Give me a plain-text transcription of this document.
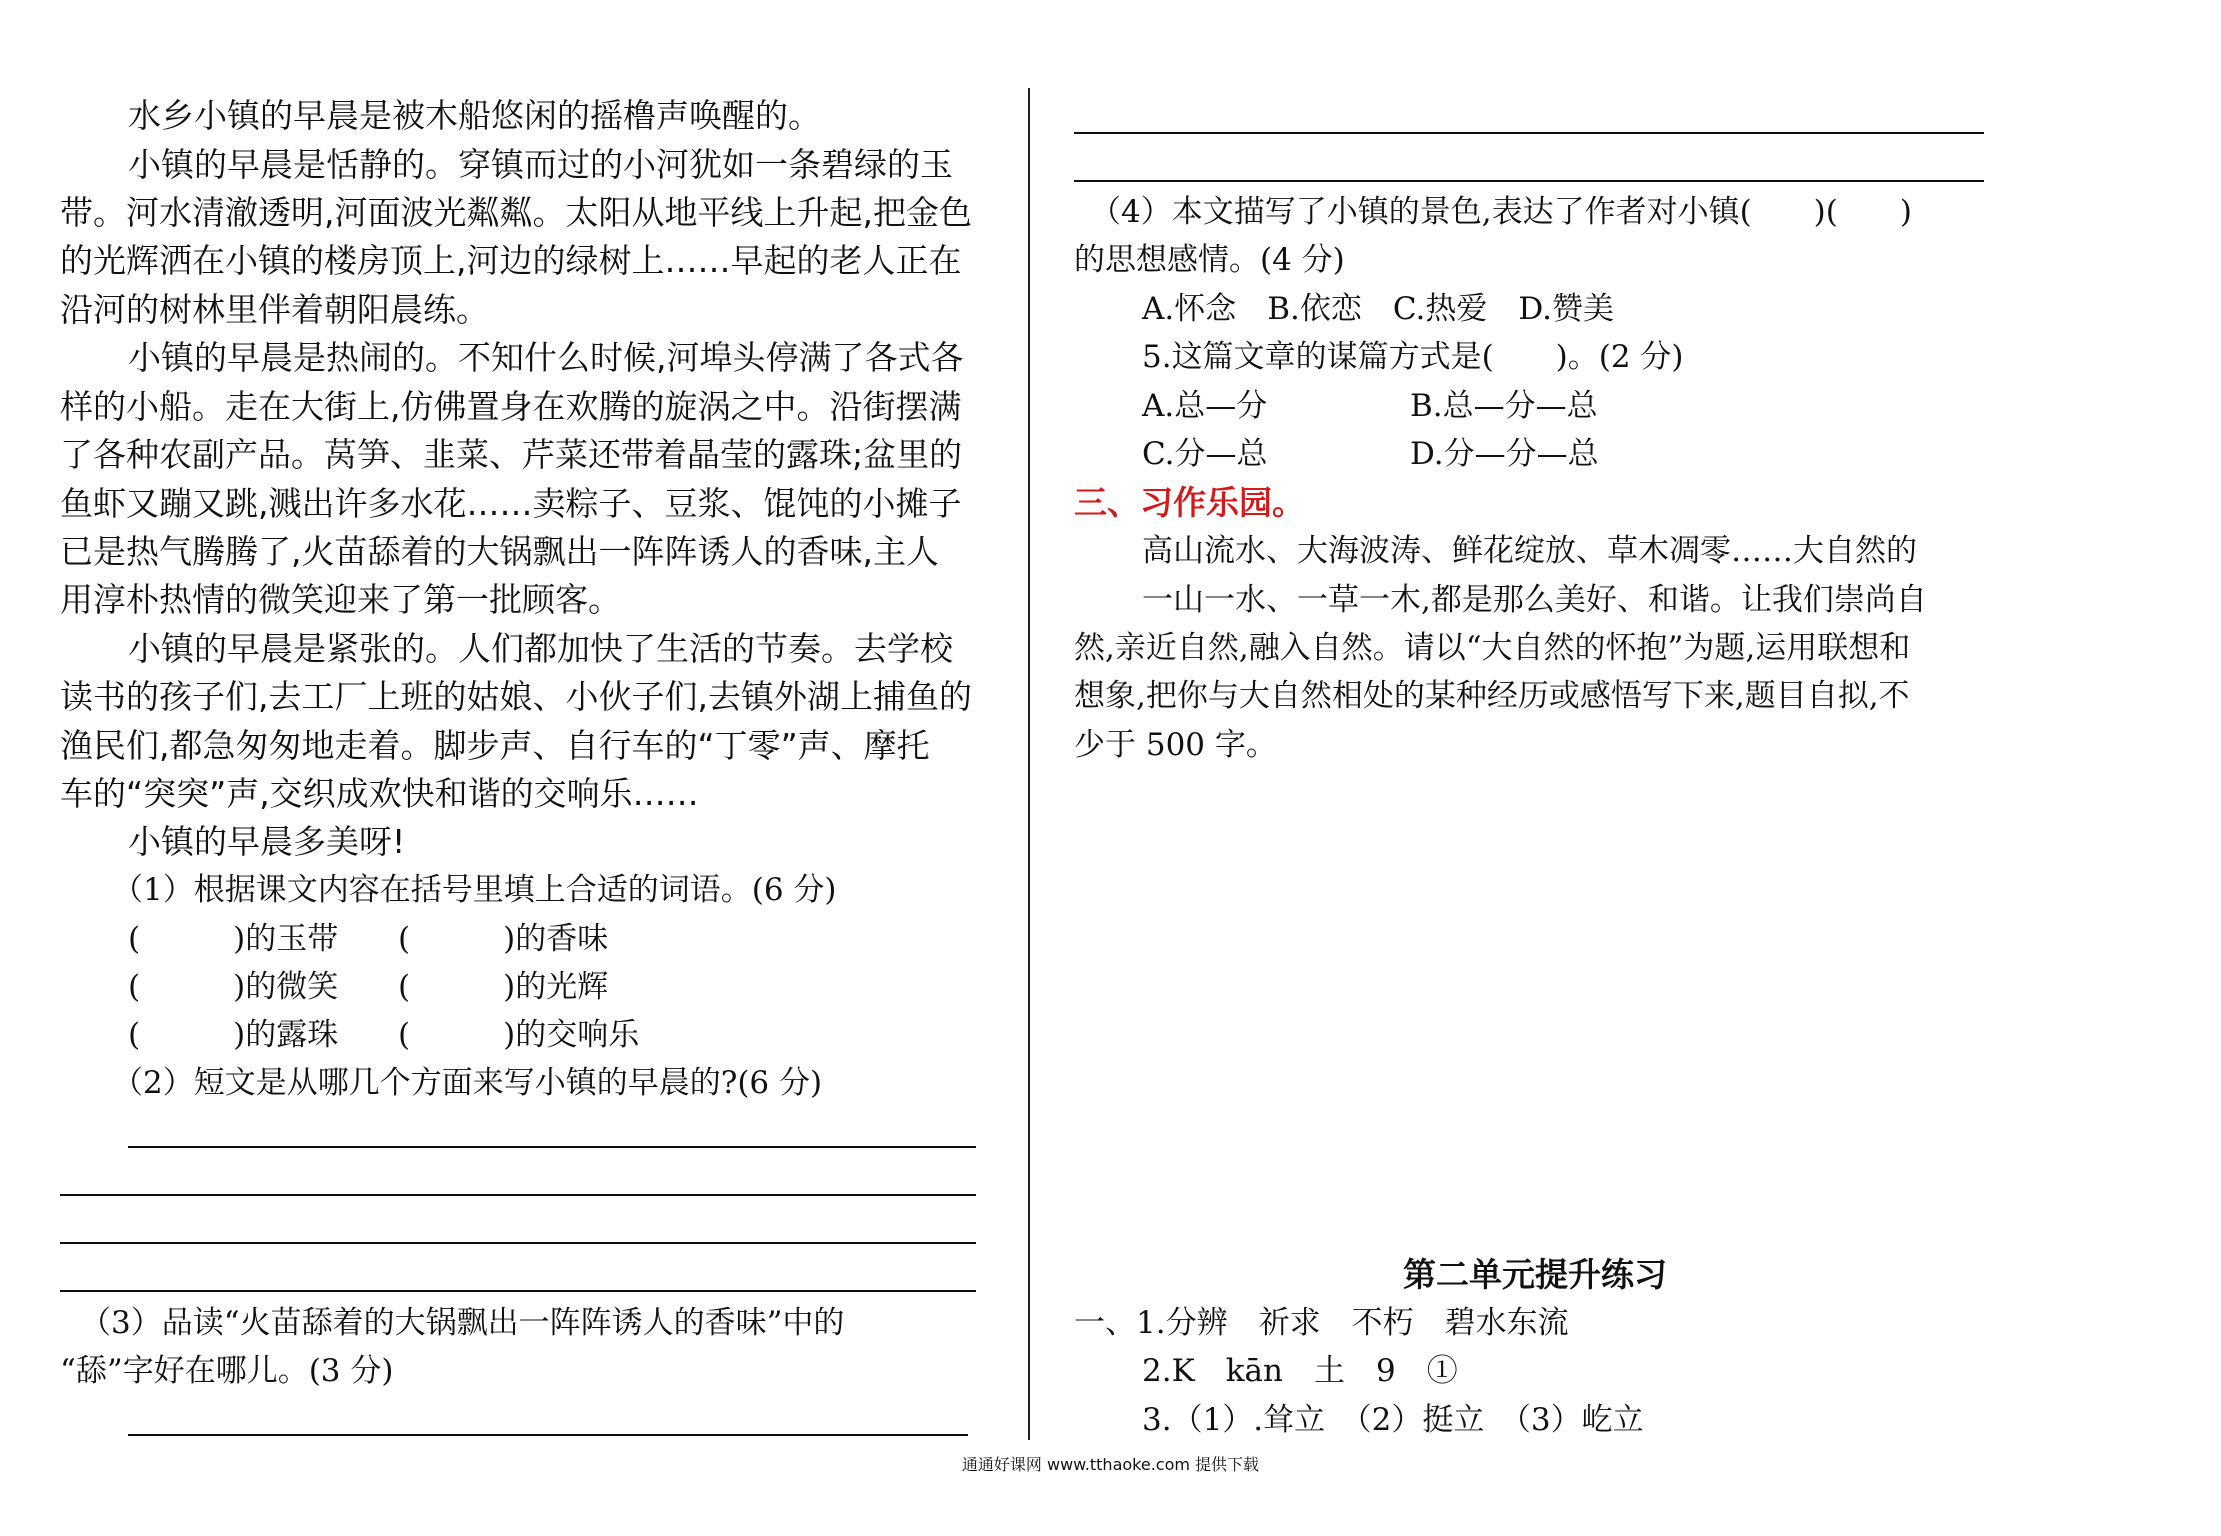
水乡小镇的早晨是被木船悠闲的摇橹声唤醒的。
小镇的早晨是恬静的。穿镇而过的小河犹如一条碧绿的玉
带。河水清澈透明,河面波光粼粼。太阳从地平线上升起,把金色
的光辉洒在小镇的楼房顶上,河边的绿树上……早起的老人正在
沿河的树林里伴着朝阳晨练。
小镇的早晨是热闹的。不知什么时候,河埠头停满了各式各
样的小船。走在大街上,仿佛置身在欢腾的旋涡之中。沿街摆满
了各种农副产品。莴笋、韭菜、芹菜还带着晶莹的露珠;盆里的
鱼虾又蹦又跳,溅出许多水花……卖粽子、豆浆、馄饨的小摊子
已是热气腾腾了,火苗舔着的大锅飘出一阵阵诱人的香味,主人
用淳朴热情的微笑迎来了第一批顾客。
小镇的早晨是紧张的。人们都加快了生活的节奏。去学校
读书的孩子们,去工厂上班的姑娘、小伙子们,去镇外湖上捕鱼的
渔民们,都急匆匆地走着。脚步声、自行车的“丁零”声、摩托
车的“突突”声,交织成欢快和谐的交响乐……
小镇的早晨多美呀!
（1）根据课文内容在括号里填上合适的词语。(6 分)
(　　　)的玉带 (　　　)的香味
(　　　)的微笑 (　　　)的光辉
(　　　)的露珠 (　　　)的交响乐
（2）短文是从哪几个方面来写小镇的早晨的?(6 分)
（3）品读“火苗舔着的大锅飘出一阵阵诱人的香味”中的
“舔”字好在哪儿。(3 分)
（4）本文描写了小镇的景色,表达了作者对小镇(　　)(　　)
的思想感情。(4 分)
A.怀念　B.依恋　C.热爱　D.赞美
5.这篇文章的谋篇方式是(　　)。(2 分)
A.总—分	B.总—分—总
C.分—总	D.分—分—总
三、习作乐园。
高山流水、大海波涛、鲜花绽放、草木凋零……大自然的
一山一水、一草一木,都是那么美好、和谐。让我们崇尚自
然,亲近自然,融入自然。请以“大自然的怀抱”为题,运用联想和
想象,把你与大自然相处的某种经历或感悟写下来,题目自拟,不
少于 500 字。
第二单元提升练习
一、1.分辨　祈求　不朽　碧水东流
2.K　kān　土　9　①
3.（1）.耸立　（2）挺立　（3）屹立
通通好课网 www.tthaoke.com 提供下载
